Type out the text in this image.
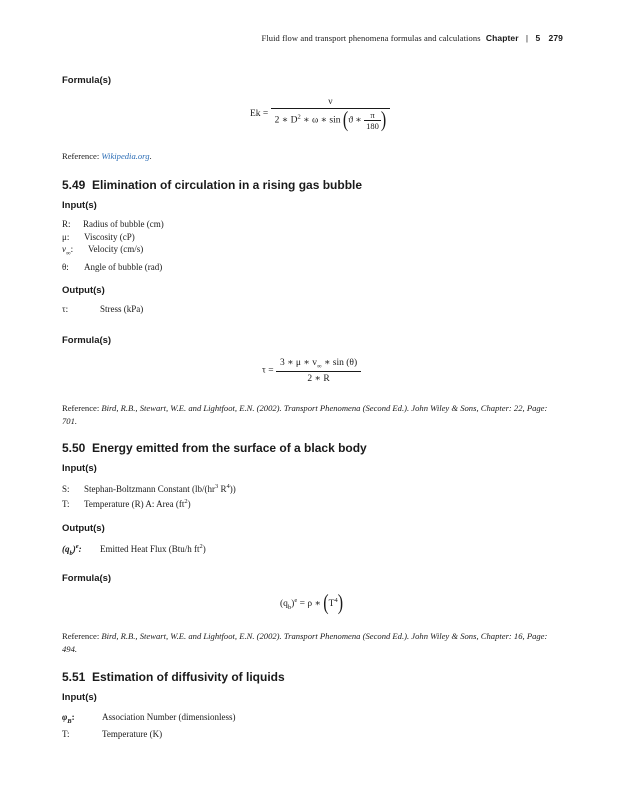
Fluid flow and transport phenomena formulas and calculations Chapter | 5 279
Formula(s)
$Ek = \frac{\nu}{2 ∗ D^2 ∗ \omega ∗ \sin (ϑ ∗ \frac{\pi}{180} )}$
Reference: Wikipedia.org.
5.49 Elimination of circulation in a rising gas bubble
Input(s)
R: Radius of bubble (cm)
μ: Viscosity (cP)
$v_\infty$: Velocity (cm/s)
θ: Angle of bubble (rad)
Output(s)
τ:	Stress (kPa)
Formula(s)
$\tau = \frac{3 ∗ \mu ∗ v_\infty ∗ \sin (\theta)}{2 ∗ R}$
Reference: Bird, R.B., Stewart, W.E. and Lightfoot, E.N. (2002). Transport Phenomena (Second Ed.). John Wiley & Sons, Chapter: 22, Page: 701.
5.50 Energy emitted from the surface of a black body
Input(s)
S: Stephan-Boltzmann Constant ($lb/(hr^3$ $R^4$))
T: Temperature (R) A: Area $(ft^2)$
Output(s)
$(q_b)^e$: Emitted Heat Flux (Btu/h $ft^2$)
Formula(s)
$(q_b)^e = \rho$ ∗ $(T^4)$
Reference: Bird, R.B., Stewart, W.E. and Lightfoot, E.N. (2002). Transport Phenomena (Second Ed.). John Wiley & Sons, Chapter: 16, Page: 494.
5.51 Estimation of diffusivity of liquids
Input(s)
$\varphi_B$:	Association Number (dimensionless)
T:	Temperature (K)
